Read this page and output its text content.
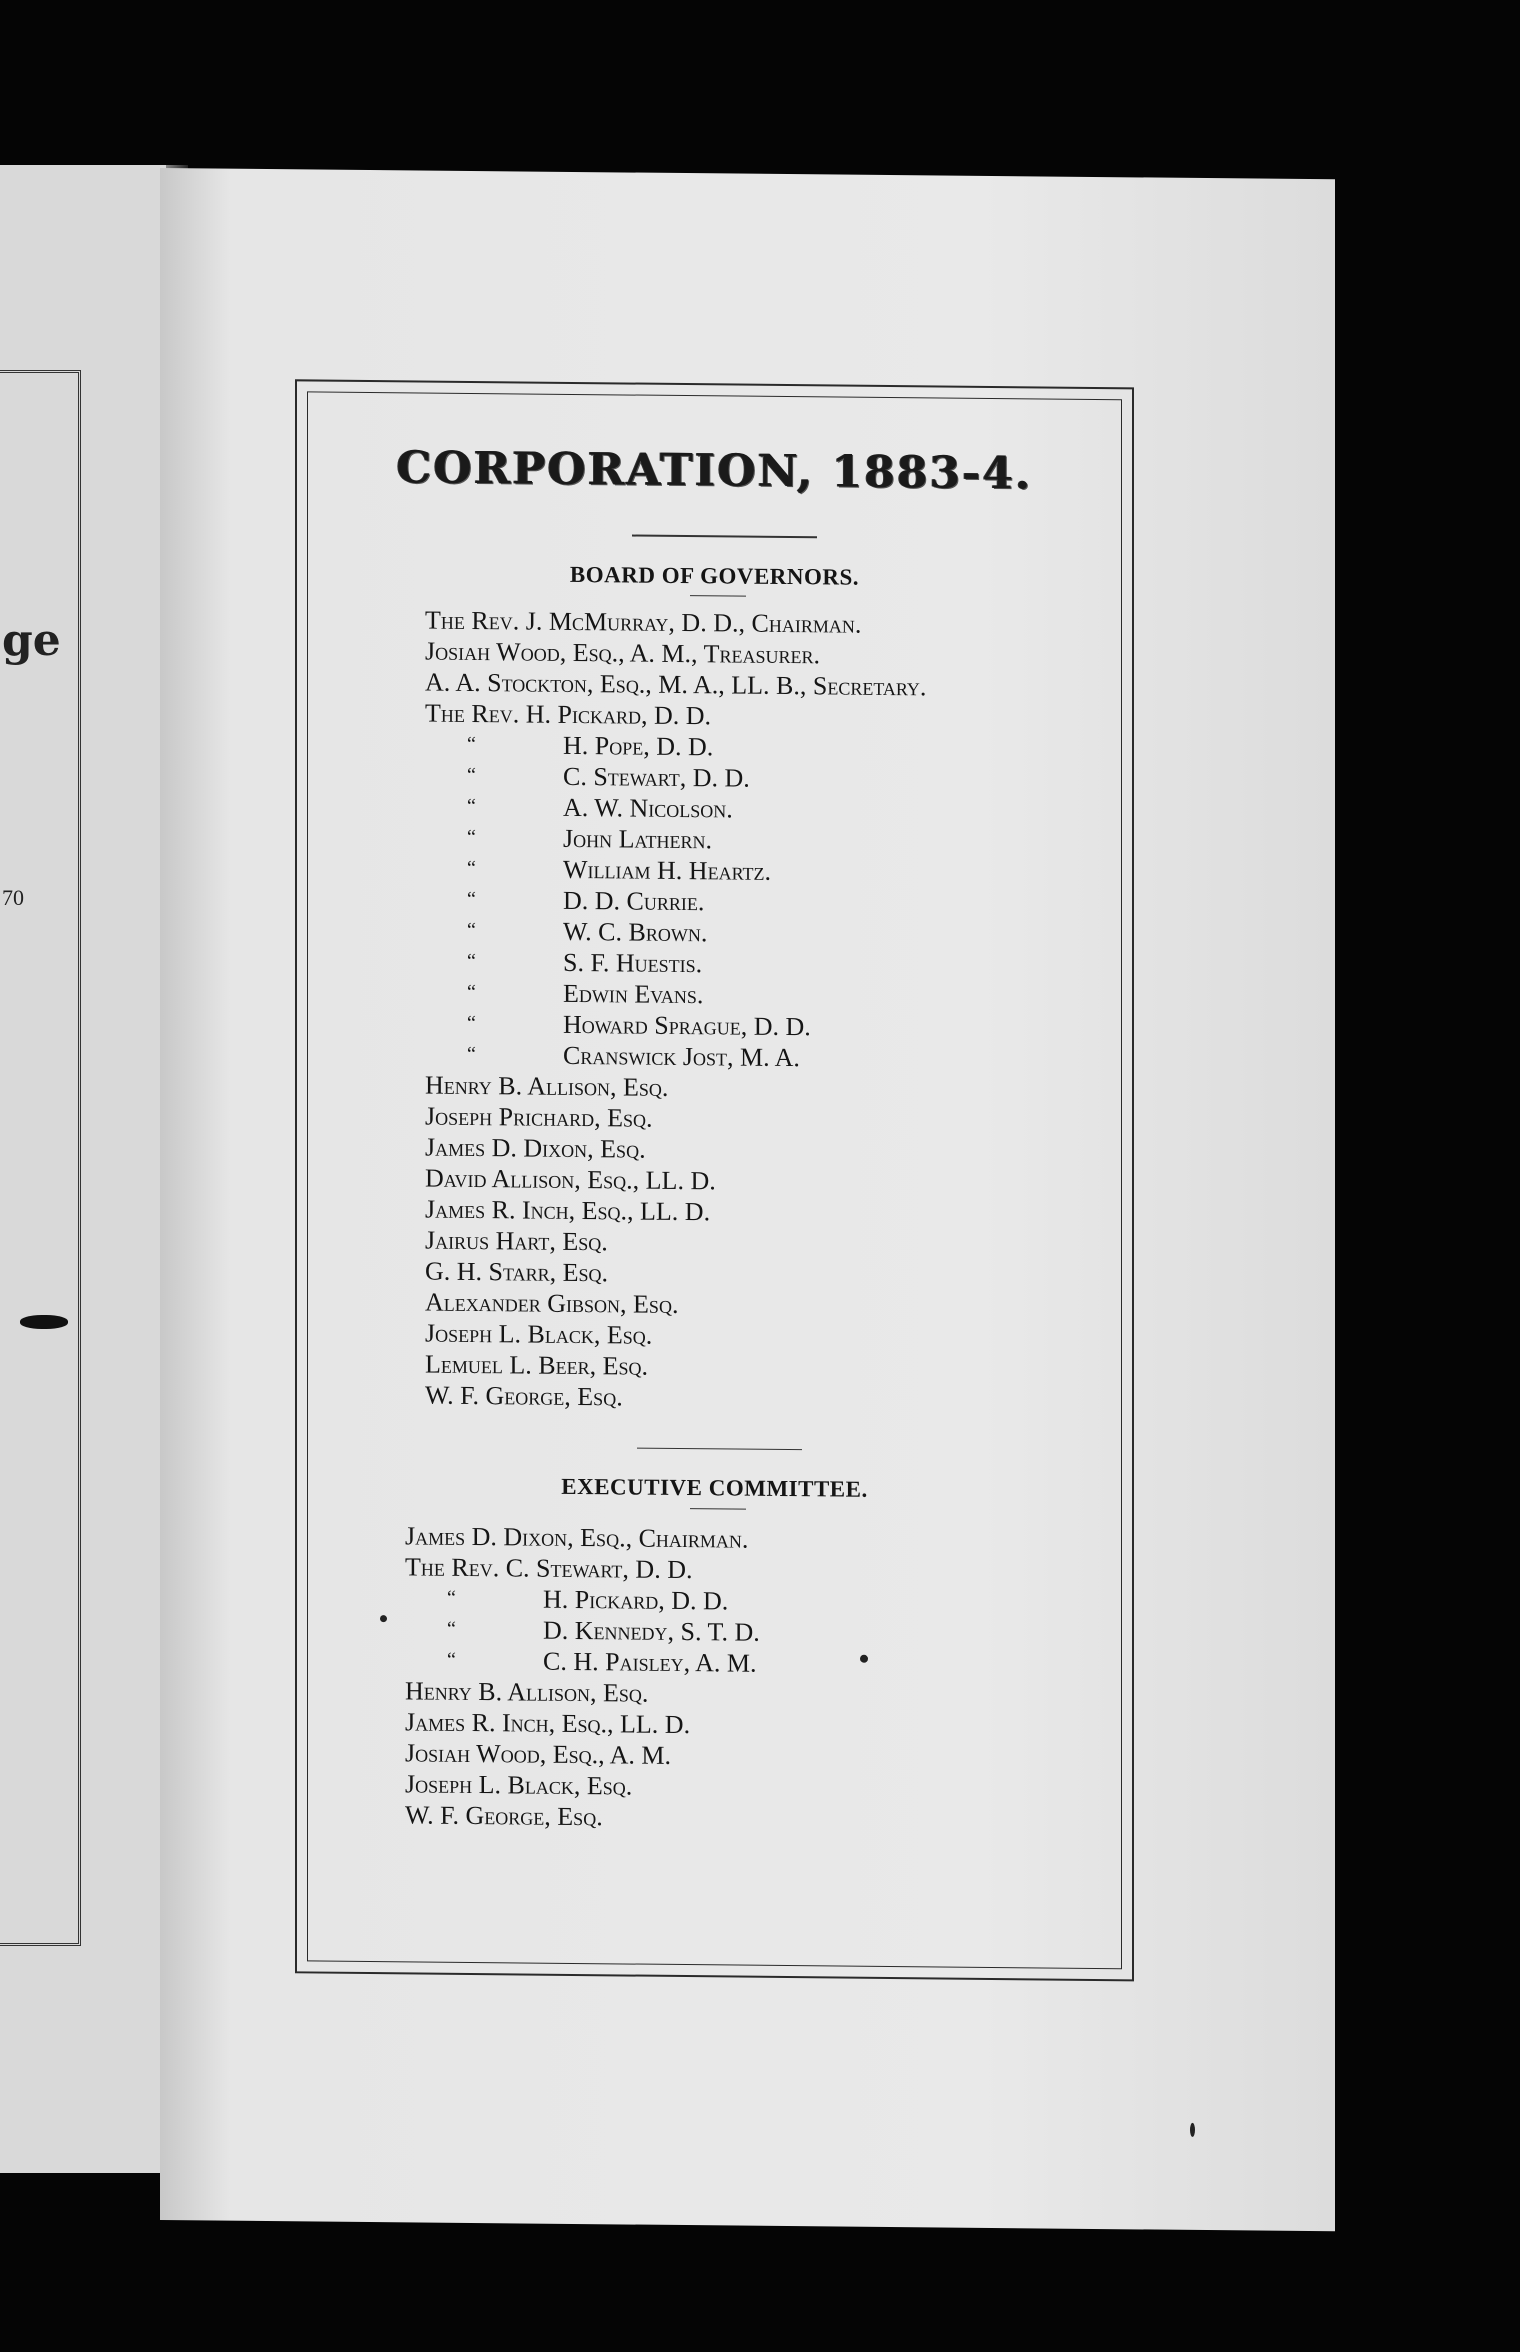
ge
70
CORPORATION, 1883-4.
BOARD OF GOVERNORS.
The Rev. J. McMurray, D. D., Chairman.
Josiah Wood, Esq., A. M., Treasurer.
A. A. Stockton, Esq., M. A., LL. B., Secretary.
The Rev. H. Pickard, D. D.
“	H. Pope, D. D.
“	C. Stewart, D. D.
“	A. W. Nicolson.
“	John Lathern.
“	William H. Heartz.
“	D. D. Currie.
“	W. C. Brown.
“	S. F. Huestis.
“	Edwin Evans.
“	Howard Sprague, D. D.
“	Cranswick Jost, M. A.
Henry B. Allison, Esq.
Joseph Prichard, Esq.
James D. Dixon, Esq.
David Allison, Esq., LL. D.
James R. Inch, Esq., LL. D.
Jairus Hart, Esq.
G. H. Starr, Esq.
Alexander Gibson, Esq.
Joseph L. Black, Esq.
Lemuel L. Beer, Esq.
W. F. George, Esq.
EXECUTIVE COMMITTEE.
James D. Dixon, Esq., Chairman.
The Rev. C. Stewart, D. D.
“	H. Pickard, D. D.
“	D. Kennedy, S. T. D.
“	C. H. Paisley, A. M.
Henry B. Allison, Esq.
James R. Inch, Esq., LL. D.
Josiah Wood, Esq., A. M.
Joseph L. Black, Esq.
W. F. George, Esq.
